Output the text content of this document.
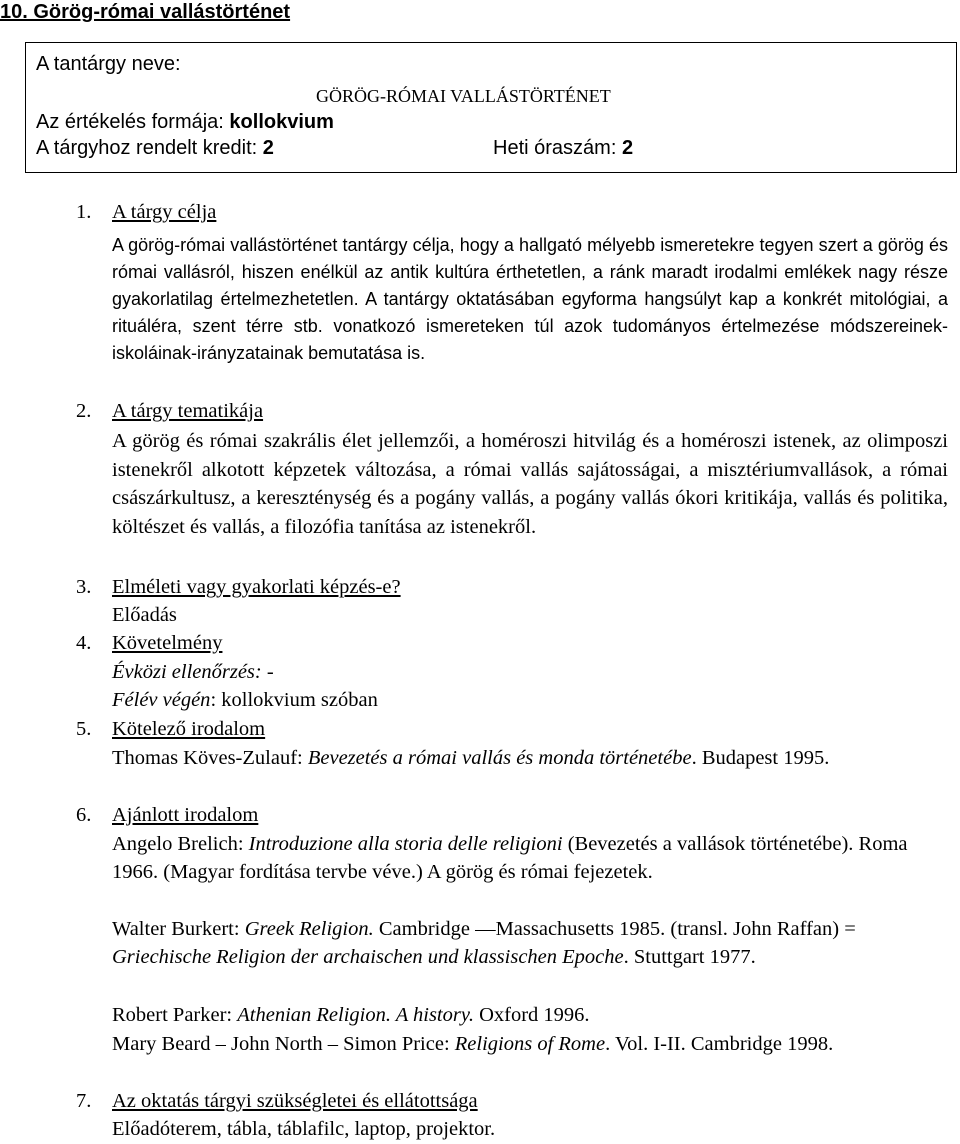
10. Görög-római vallástörténet
A tantárgy neve:
GÖRÖG-RÓMAI VALLÁSTÖRTÉNET
Az értékelés formája: kollokvium
A tárgyhoz rendelt kredit: 2	Heti óraszám: 2
1. A tárgy célja
A görög-római vallástörténet tantárgy célja, hogy a hallgató mélyebb ismeretekre tegyen szert a görög és római vallásról, hiszen enélkül az antik kultúra érthetetlen, a ránk maradt irodalmi emlékek nagy része gyakorlatilag értelmezhetetlen. A tantárgy oktatásában egyforma hangsúlyt kap a konkrét mitológiai, a rituáléra, szent térre stb. vonatkozó ismereteken túl azok tudományos értelmezése módszereinek-iskoláinak-irányzatainak bemutatása is.
2. A tárgy tematikája
A görög és római szakrális élet jellemzői, a homéroszi hitvilág és a homéroszi istenek, az olimposzi istenekről alkotott képzetek változása, a római vallás sajátosságai, a misztériumvallások, a római császárkultusz, a kereszténység és a pogány vallás, a pogány vallás ókori kritikája, vallás és politika, költészet és vallás, a filozófia tanítása az istenekről.
3. Elméleti vagy gyakorlati képzés-e?
Előadás
4. Követelmény
Évközi ellenőrzés: -
Félév végén: kollokvium szóban
5. Kötelező irodalom
Thomas Köves-Zulauf: Bevezetés a római vallás és monda történetébe. Budapest 1995.
6. Ajánlott irodalom
Angelo Brelich: Introduzione alla storia delle religioni (Bevezetés a vallások történetébe). Roma 1966. (Magyar fordítása tervbe véve.) A görög és római fejezetek.
Walter Burkert: Greek Religion. Cambridge —Massachusetts 1985. (transl. John Raffan) = Griechische Religion der archaischen und klassischen Epoche. Stuttgart 1977.
Robert Parker: Athenian Religion. A history. Oxford 1996.
Mary Beard – John North – Simon Price: Religions of Rome. Vol. I-II. Cambridge 1998.
7. Az oktatás tárgyi szükségletei és ellátottsága
Előadóterem, tábla, táblafilc, laptop, projektor.
